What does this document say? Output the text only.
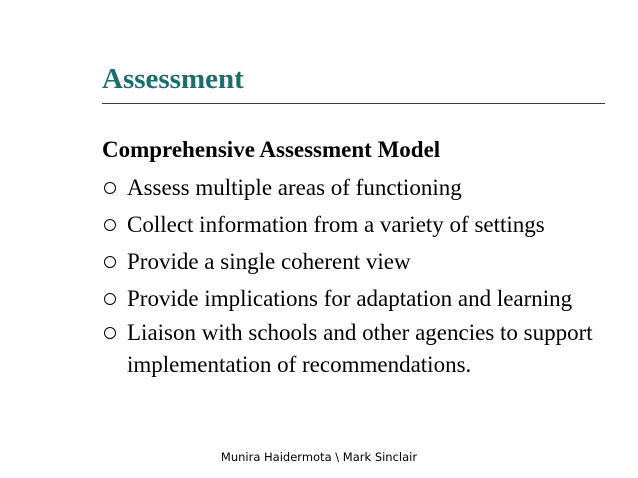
Assessment
Comprehensive Assessment Model
Assess multiple areas of functioning
Collect information from a variety of settings
Provide a single coherent view
Provide implications for adaptation and learning
Liaison with schools and other agencies to support implementation of recommendations.
Munira Haidermota \ Mark Sinclair
